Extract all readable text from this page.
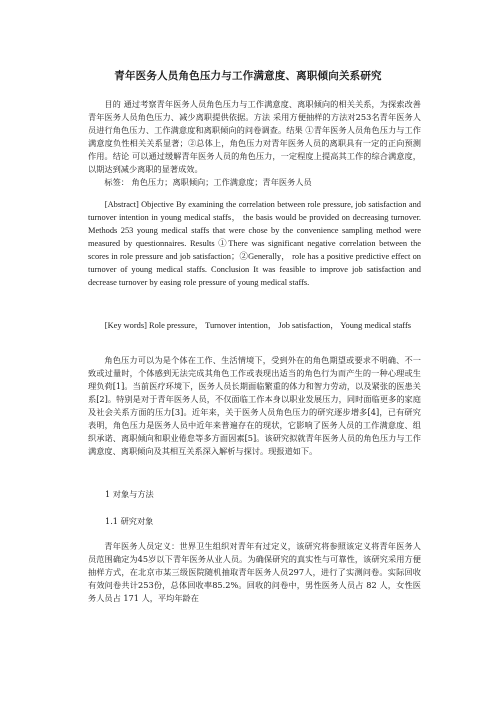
青年医务人员角色压力与工作满意度、离职倾向关系研究

目的 通过考察青年医务人员角色压力与工作满意度、离职倾向的相关关系，为探索改善青年医务人员角色压力、减少离职提供依据。方法 采用方便抽样的方法对253名青年医务人员进行角色压力、工作满意度和离职倾向的问卷调查。结果 ①青年医务人员角色压力与工作满意度负性相关关系显著；②总体上，角色压力对青年医务人员的离职具有一定的正向预测作用。结论 可以通过缓解青年医务人员的角色压力，一定程度上提高其工作的综合满意度，以期达到减少离职的显著成效。

标签： 角色压力；离职倾向；工作满意度；青年医务人员

[Abstract] Objective By examining the correlation between role pressure, job satisfaction and turnover intention in young medical staffs， the basis would be provided on decreasing turnover. Methods 253 young medical staffs that were chose by the convenience sampling method were measured by questionnaires. Results ①There was significant negative correlation between the scores in role pressure and job satisfaction；②Generally， role has a positive predictive effect on turnover of young medical staffs. Conclusion It was feasible to improve job satisfaction and decrease turnover by easing role pressure of young medical staffs.

[Key words] Role pressure， Turnover intention， Job satisfaction， Young medical staffs

角色压力可以为是个体在工作、生活情境下，受到外在的角色期望或要求不明确、不一致或过量时，个体感到无法完成其角色工作或表现出适当的角色行为而产生的一种心理或生理负荷[1]。当前医疗环境下，医务人员长期面临繁重的体力和智力劳动，以及紧张的医患关系[2]。特别是对于青年医务人员，不仅面临工作本身以职业发展压力，同时面临更多的家庭及社会关系方面的压力[3]。近年来，关于医务人员角色压力的研究逐步增多[4]，已有研究表明，角色压力是医务人员中近年来普遍存在的现状，它影响了医务人员的工作满意度、组织承诺、离职倾向和职业倦怠等多方面因素[5]。该研究拟就青年医务人员的角色压力与工作满意度、离职倾向及其相互关系深入解析与探讨。现报道如下。

1 对象与方法

1.1 研究对象

青年医务人员定义：世界卫生组织对青年有过定义，该研究将参照该定义将青年医务人员范围确定为45岁以下青年医务从业人员。为确保研究的真实性与可靠性，该研究采用方便抽样方式，在北京市某三级医院随机抽取青年医务人员297人，进行了实测问卷。实际回收有效问卷共计253份，总体回收率85.2%。回收的问卷中，男性医务人员占 82 人，女性医务人员占 171 人，平均年龄在
